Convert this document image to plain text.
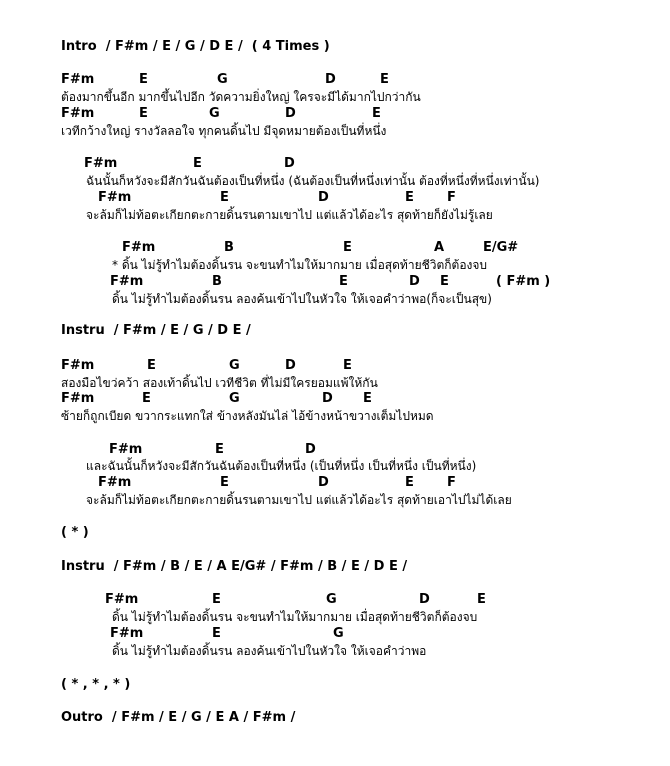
Intro  / F#m / E / G / D E /  ( 4 Times )
F#m	E	G	D	E
ต้องมากขึ้นอีก มากขึ้นไปอีก วัดความยิ่งใหญ่ ใครจะมีได้มากไปกว่ากัน
F#m	E	G	D	E
เวทีกว้างใหญ่ รางวัลลอใจ ทุกคนดิ้นไป มีจุดหมายต้องเป็นที่หนึ่ง
F#m	E	D
ฉันนั้นก็หวังจะมีสักวันฉันต้องเป็นที่หนึ่ง (ฉันต้องเป็นที่หนึ่งเท่านั้น ต้องที่หนึ่งที่หนึ่งเท่านั้น)
F#m	E	D	E	F
จะล้มก็ไม่ท้อตะเกียกตะกายดิ้นรนตามเขาไป แต่แล้วได้อะไร สุดท้ายก็ยังไม่รู้เลย
F#m	B	E	A	E/G#
* ดิ้น ไม่รู้ทำไมต้องดิ้นรน จะขนทำไมให้มากมาย เมื่อสุดท้ายชีวิตก็ต้องจบ
F#m	B	E	D E	( F#m )
ดิ้น ไม่รู้ทำไมต้องดิ้นรน ลองค้นเข้าไปในหัวใจ ให้เจอคำว่าพอ(ก็จะเป็นสุข)
Instru  / F#m / E / G / D E /
F#m	E	G	D	E
สองมือไขว่คว้า สองเท้าดิ้นไป เวทีชีวิต ที่ไม่มีใครยอมแพ้ให้กัน
F#m	E	G	D E
ซ้ายก็ถูกเบียด ขวากระแทกใส่ ข้างหลังมันไล่ ไอ้ข้างหน้าขวางเต็มไปหมด
F#m	E	D
และฉันนั้นก็หวังจะมีสักวันฉันต้องเป็นที่หนึ่ง (เป็นที่หนึ่ง เป็นที่หนึ่ง เป็นที่หนึ่ง)
F#m	E	D	E	F
จะล้มก็ไม่ท้อตะเกียกตะกายดิ้นรนตามเขาไป แต่แล้วได้อะไร สุดท้ายเอาไปไม่ได้เลย
( * )
Instru  / F#m / B / E / A E/G# / F#m / B / E / D E /
F#m	E	G	D	E
ดิ้น ไม่รู้ทำไมต้องดิ้นรน จะขนทำไมให้มากมาย เมื่อสุดท้ายชีวิตก็ต้องจบ
F#m	E	G
ดิ้น ไม่รู้ทำไมต้องดิ้นรน ลองค้นเข้าไปในหัวใจ ให้เจอคำว่าพอ
( * , * , * )
Outro  / F#m / E / G / E A / F#m /
